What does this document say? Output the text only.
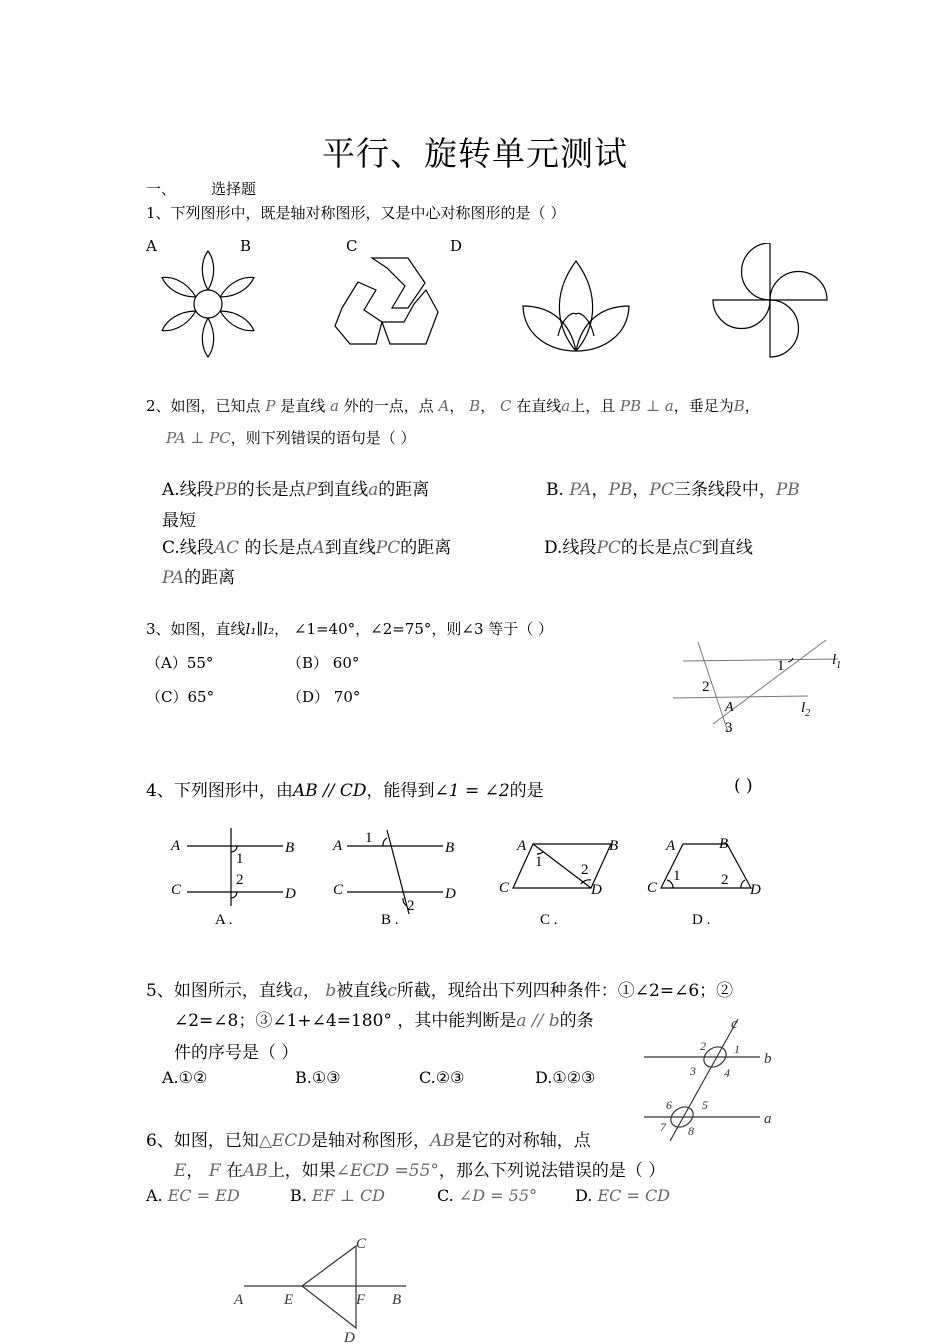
平行、旋转单元测试
一、 选择题
1、下列图形中，既是轴对称图形，又是中心对称图形的是（ ）
A	B	C	D
2、如图，已知点 P 是直线 a 外的一点，点 A， B， C 在直线a上，且 PB ⊥ a，垂足为B，
PA ⊥ PC，则下列错误的语句是（ ）
A.线段PB的长是点P到直线a的距离	B. PA，PB，PC三条线段中，PB
最短
C.线段AC 的长是点A到直线PC的距离	D.线段PC的长是点C到直线
PA的距离
3、如图，直线l₁∥l₂， ∠1=40°，∠2=75°，则∠3 等于（ ）
（A）55°	（B） 60°
（C）65°	（D） 70°
1
2
A
3
$l_1$
$l_2$
4、下列图形中，由AB // CD，能得到∠1 = ∠2的是	( )
A	B
C	D
A	B
C	D
A	B
C	D
A	B
C	D
1
2
1
2
1	2	1	2
A .	B .	C .	D .
5、如图所示，直线a， b被直线c所截，现给出下列四种条件：①∠2=∠6；②
∠2=∠8；③∠1+∠4=180° ，其中能判断是a // b的条
件的序号是（ ）
A.①②	B.①③	C.②③	D.①②③
2 1
3 4
6	5
7 8
b
a
c
6、如图，已知△ECD是轴对称图形，AB是它的对称轴，点
E， F 在AB上，如果∠ECD =55°，那么下列说法错误的是（ ）
A. EC = ED	B. EF ⊥ CD	C. ∠D = 55° D. EC = CD
A	E	F B
C
D
